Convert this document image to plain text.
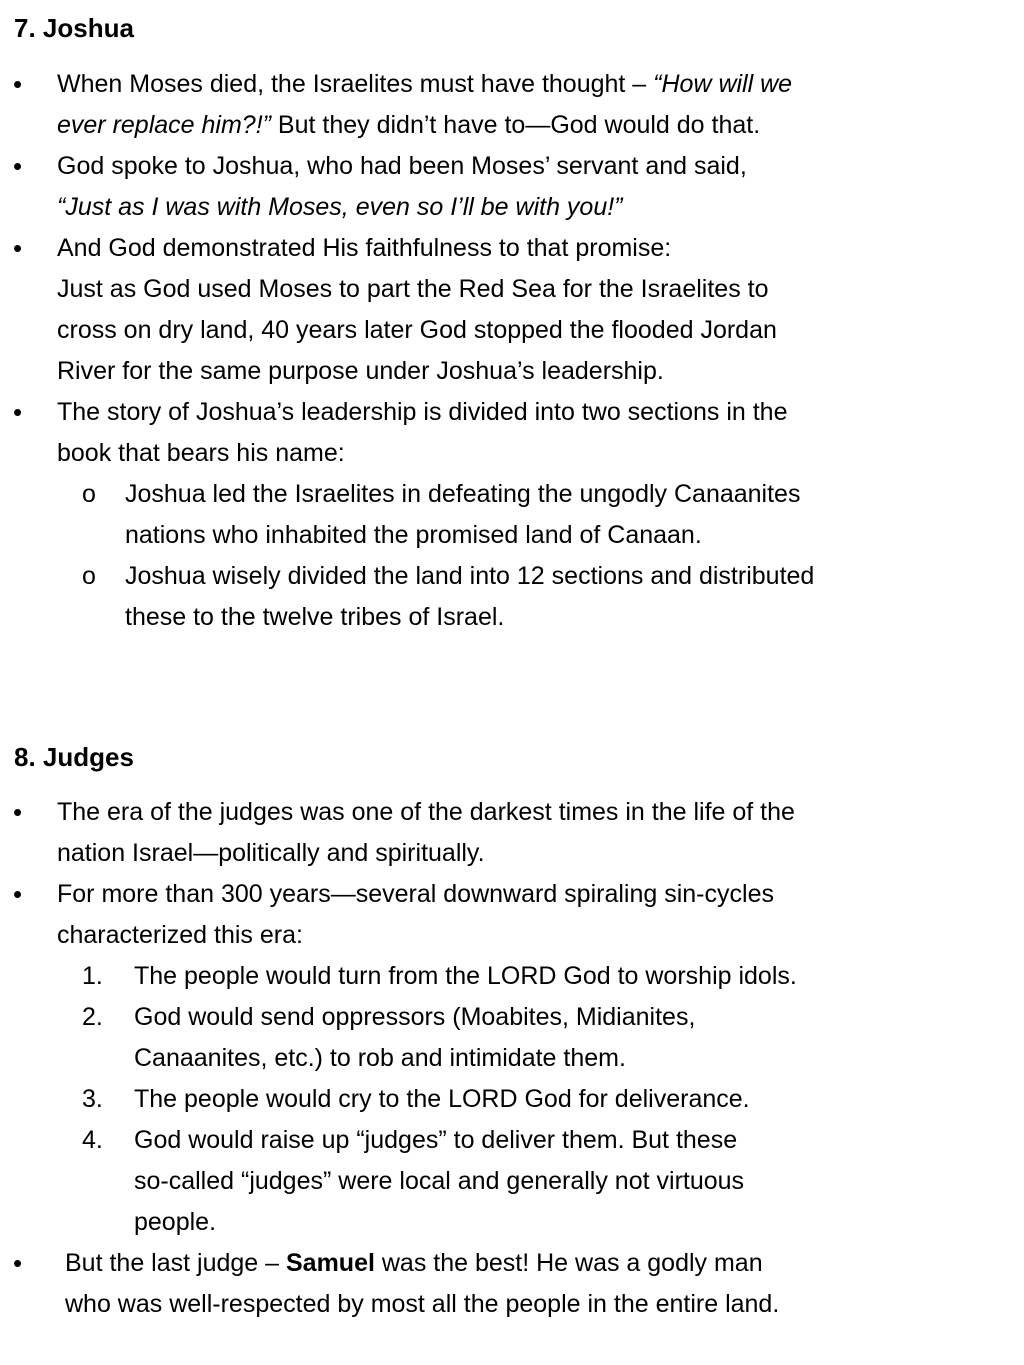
7. Joshua
•	When Moses died, the Israelites must have thought – “How will we
ever replace him?!” But they didn’t have to—God would do that.
•	God spoke to Joshua, who had been Moses’ servant and said,
“Just as I was with Moses, even so I’ll be with you!”
•	And God demonstrated His faithfulness to that promise:
Just as God used Moses to part the Red Sea for the Israelites to
cross on dry land, 40 years later God stopped the flooded Jordan
River for the same purpose under Joshua’s leadership.
•	The story of Joshua’s leadership is divided into two sections in the
book that bears his name:
o	Joshua led the Israelites in defeating the ungodly Canaanites
nations who inhabited the promised land of Canaan.
o	Joshua wisely divided the land into 12 sections and distributed
these to the twelve tribes of Israel.
8. Judges
•	The era of the judges was one of the darkest times in the life of the
nation Israel—politically and spiritually.
•	For more than 300 years—several downward spiraling sin-cycles
characterized this era:
1.	The people would turn from the LORD God to worship idols.
2.	God would send oppressors (Moabites, Midianites,
Canaanites, etc.) to rob and intimidate them.
3.	The people would cry to the LORD God for deliverance.
4.	God would raise up “judges” to deliver them. But these
so-called “judges” were local and generally not virtuous
people.
•	But the last judge – Samuel was the best! He was a godly man
who was well-respected by most all the people in the entire land.
